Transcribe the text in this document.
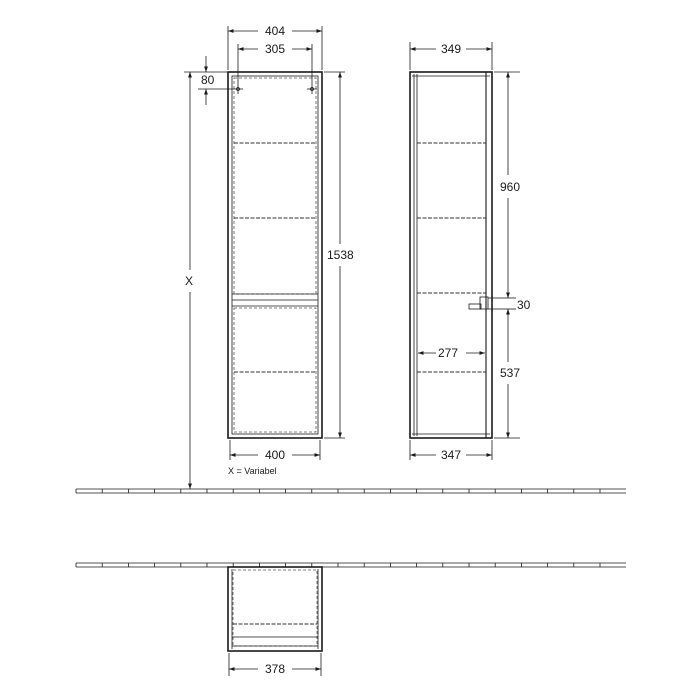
404
305
80
X
1538
400
X = Variabel
349
960
30
277
537
347
378
